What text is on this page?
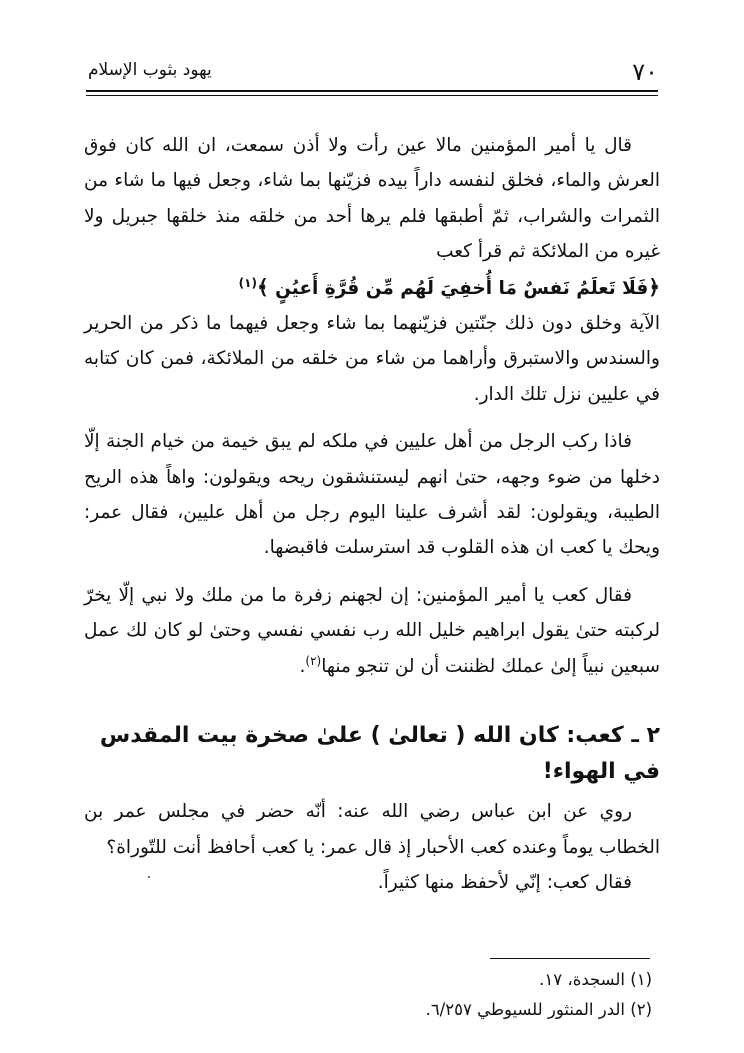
٧٠
يهود بثوب الإسلام

قال يا أمير المؤمنين مالا عين رأت ولا أذن سمعت، ان الله كان فوق العرش والماء، فخلق لنفسه داراً بيده فزيّنها بما شاء، وجعل فيها ما شاء من الثمرات والشراب، ثمّ أطبقها فلم يرها أحد من خلقه منذ خلقها جبريل ولا غيره من الملائكة ثم قرأ كعب

﴿فَلَا تَعلَمُ نَفسٌ مَا أُخفِيَ لَهُم مِّن قُرَّةِ أَعيُنٍ ﴾$^{(١)}$

الآية وخلق دون ذلك جنّتين فزيّنهما بما شاء وجعل فيهما ما ذكر من الحرير والسندس والاستبرق وأراهما من شاء من خلقه من الملائكة، فمن كان كتابه في عليين نزل تلك الدار.

فاذا ركب الرجل من أهل عليين في ملكه لم يبق خيمة من خيام الجنة إلّا دخلها من ضوء وجهه، حتىٰ انهم ليستنشقون ريحه ويقولون: واهاً هذه الريح الطيبة، ويقولون: لقد أشرف علينا اليوم رجل من أهل عليين، فقال عمر: ويحك يا كعب ان هذه القلوب قد استرسلت فاقبضها.

فقال كعب يا أمير المؤمنين: إن لجهنم زفرة ما من ملك ولا نبي إلّا يخرّ لركبته حتىٰ يقول ابراهيم خليل الله رب نفسي نفسي وحتىٰ لو كان لك عمل سبعين نبياً إلىٰ عملك لظننت أن لن تنجو منها$^{(٢)}$.

٢ ـ كعب: كان الله ( تعالىٰ ) علىٰ صخرة بيت المقدس في الهواء!

روي عن ابن عباس رضي الله عنه: أنّه حضر في مجلس عمر بن الخطاب يوماً وعنده كعب الأحبار إذ قال عمر: يا كعب أحافظ أنت للتّوراة؟

فقال كعب: إنّي لأحفظ منها كثيراً.

(١) السجدة، ١٧.
(٢) الدر المنثور للسيوطي ٦/٢٥٧.
